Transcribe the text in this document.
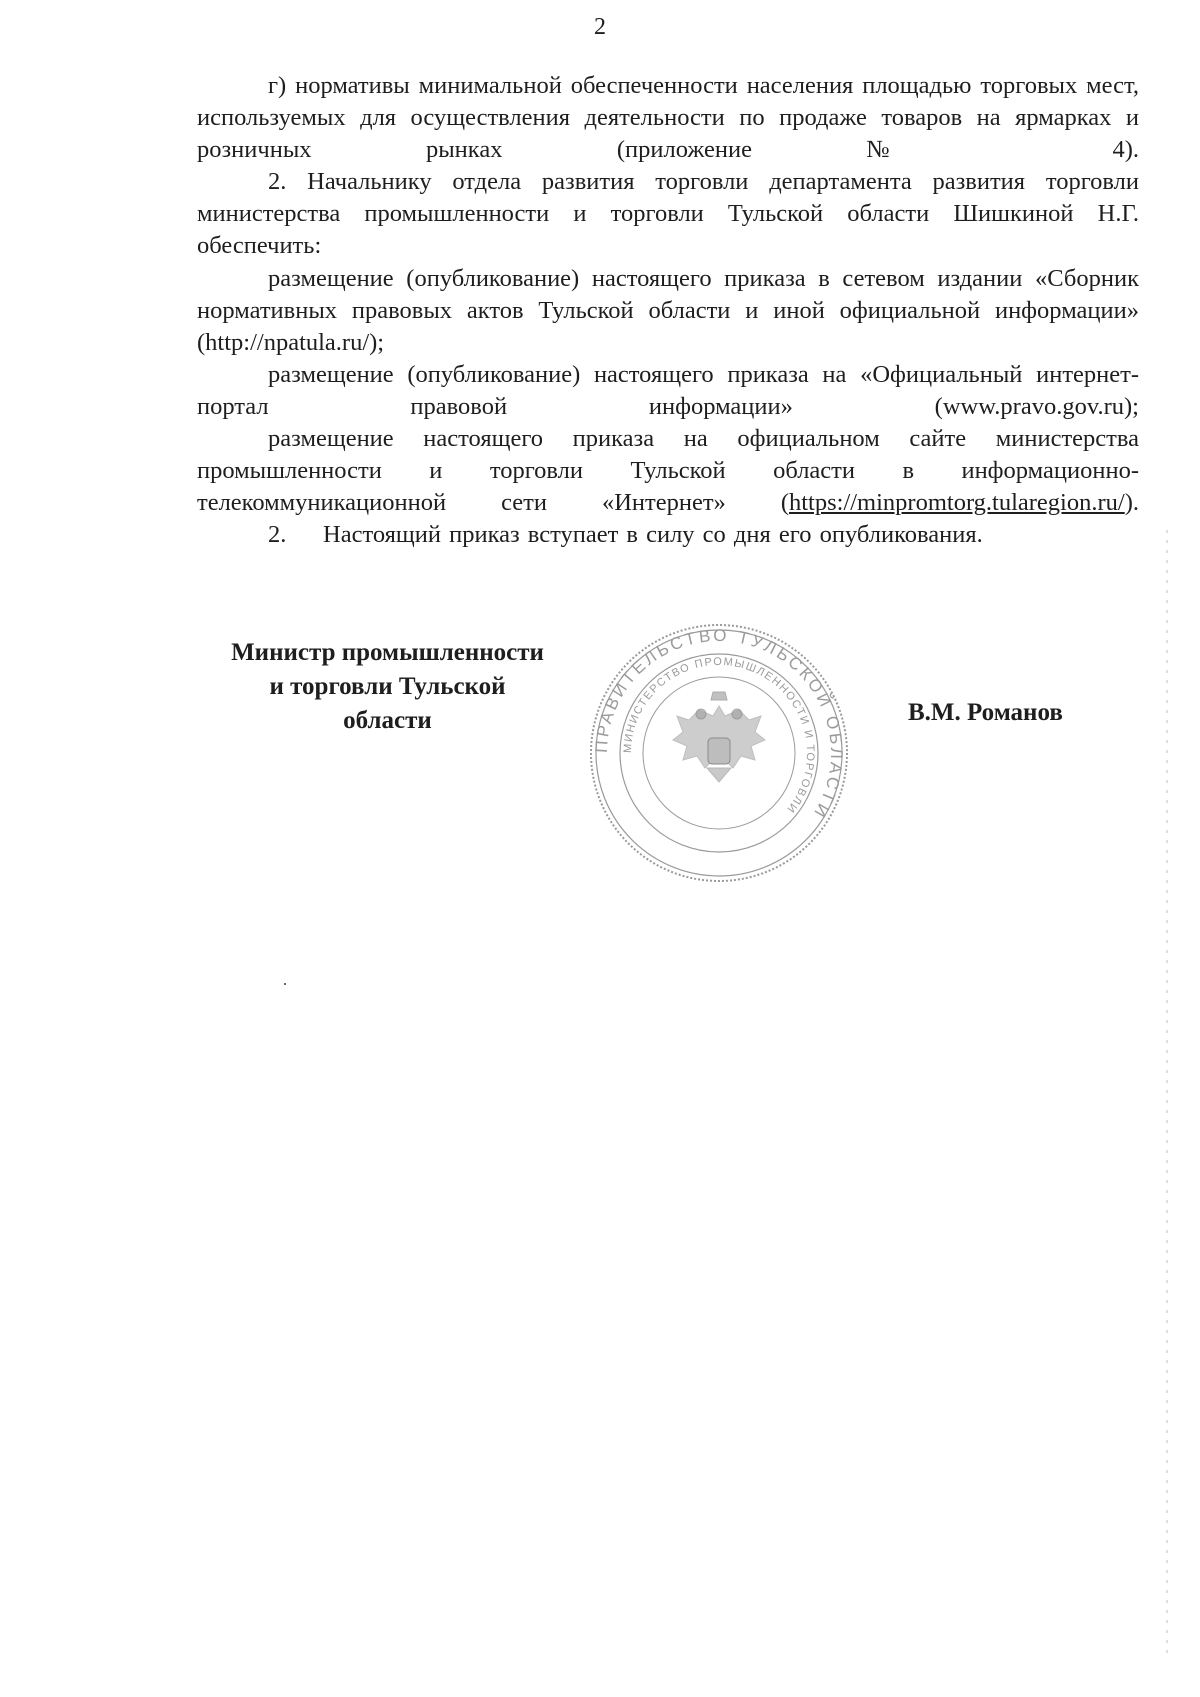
2

г) нормативы минимальной обеспеченности населения площадью торговых мест, используемых для осуществления деятельности по продаже товаров на ярмарках и розничных рынках (приложение № 4).

2. Начальнику отдела развития торговли департамента развития торговли министерства промышленности и торговли Тульской области Шишкиной Н.Г. обеспечить:

размещение (опубликование) настоящего приказа в сетевом издании «Сборник нормативных правовых актов Тульской области и иной официальной информации» (http://npatula.ru/);

размещение (опубликование) настоящего приказа на «Официальный интернет-портал правовой информации» (www.pravo.gov.ru);

размещение настоящего приказа на официальном сайте министерства промышленности и торговли Тульской области в информационно-телекоммуникационной сети «Интернет» (https://minpromtorg.tularegion.ru/).

2. Настоящий приказ вступает в силу со дня его опубликования.

Министр промышленности
и торговли Тульской
области	В.М. Романов
ПРАВИТЕЛЬСТВО ТУЛЬСКОЙ ОБЛАСТИ
МИНИСТЕРСТВО ПРОМЫШЛЕННОСТИ И ТОРГОВЛИ
